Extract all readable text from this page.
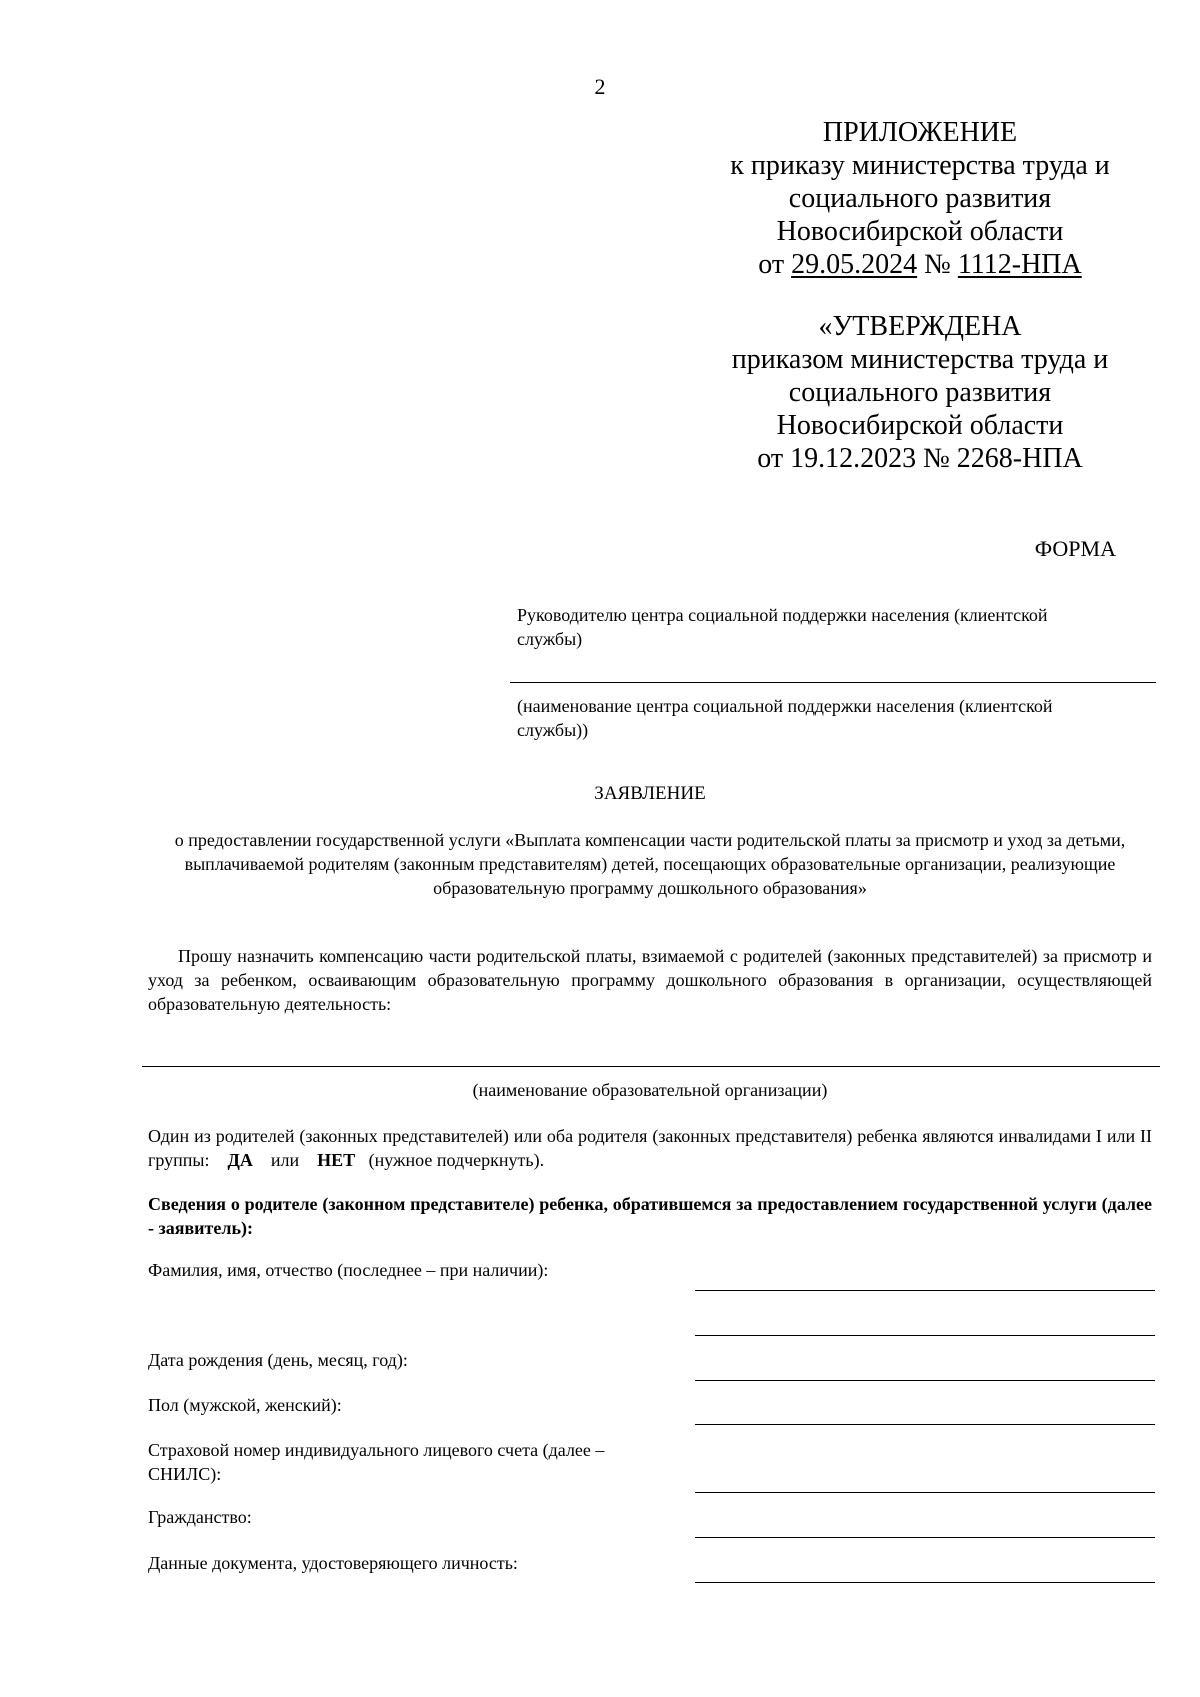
2
ПРИЛОЖЕНИЕ
к приказу министерства труда и
социального развития
Новосибирской области
от 29.05.2024 № 1112-НПА
«УТВЕРЖДЕНА
приказом министерства труда и
социального развития
Новосибирской области
от 19.12.2023 № 2268-НПА
ФОРМА
Руководителю центра социальной поддержки населения (клиентской службы)
(наименование центра социальной поддержки населения (клиентской службы))
ЗАЯВЛЕНИЕ
о предоставлении государственной услуги «Выплата компенсации части родительской платы за присмотр и уход за детьми, выплачиваемой родителям (законным представителям) детей, посещающих образовательные организации, реализующие образовательную программу дошкольного образования»
Прошу назначить компенсацию части родительской платы, взимаемой с родителей (законных представителей) за присмотр и уход за ребенком, осваивающим образовательную программу дошкольного образования в организации, осуществляющей образовательную деятельность:
(наименование образовательной организации)
Один из родителей (законных представителей) или оба родителя (законных представителя) ребенка являются инвалидами I или II группы: ДА или НЕТ (нужное подчеркнуть).
Сведения о родителе (законном представителе) ребенка, обратившемся за предоставлением государственной услуги (далее - заявитель):
Фамилия, имя, отчество (последнее – при наличии):
Дата рождения (день, месяц, год):
Пол (мужской, женский):
Страховой номер индивидуального лицевого счета (далее – СНИЛС):
Гражданство:
Данные документа, удостоверяющего личность:
